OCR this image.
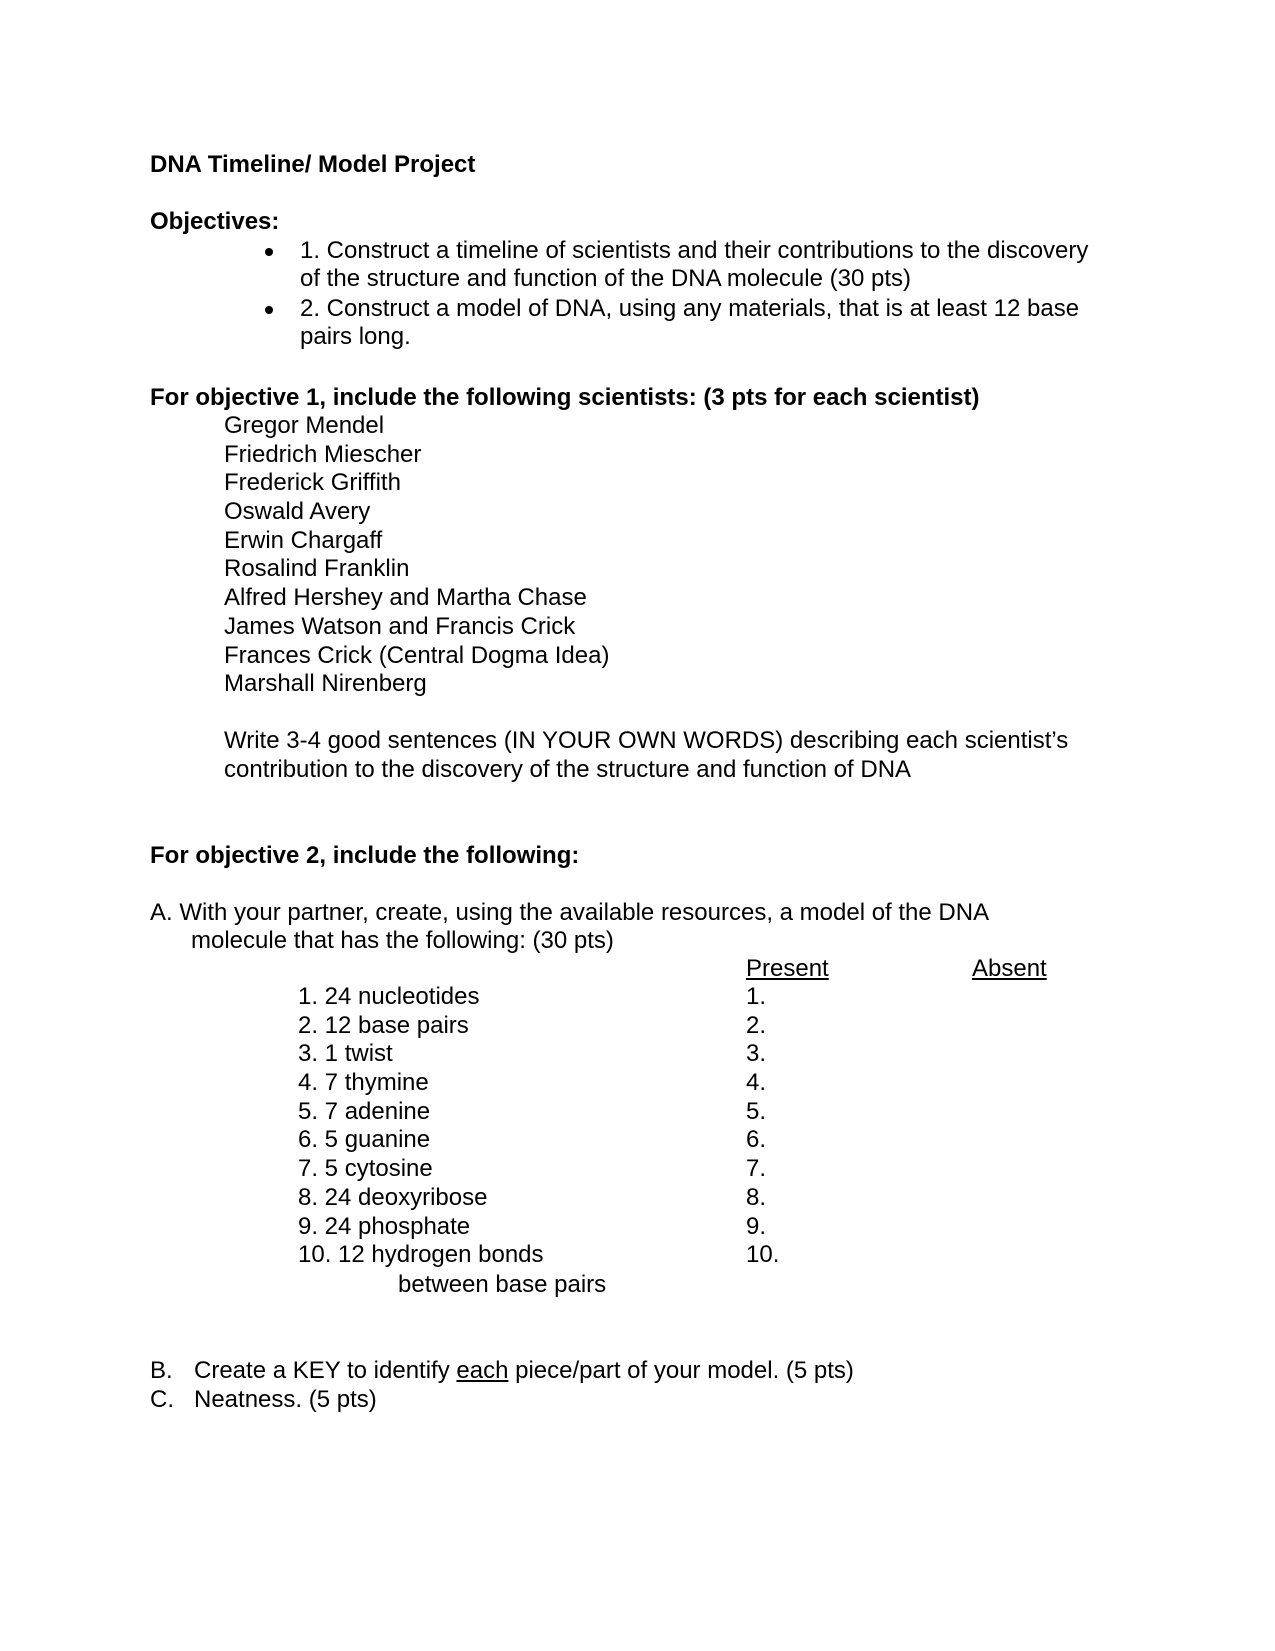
DNA Timeline/ Model Project
Objectives:
1. Construct a timeline of scientists and their contributions to the discovery
of the structure and function of the DNA molecule (30 pts)
2. Construct a model of DNA, using any materials, that is at least 12 base
pairs long.
For objective 1, include the following scientists: (3 pts for each scientist)
Gregor Mendel
Friedrich Miescher
Frederick Griffith
Oswald Avery
Erwin Chargaff
Rosalind Franklin
Alfred Hershey and Martha Chase
James Watson and Francis Crick
Frances Crick (Central Dogma Idea)
Marshall Nirenberg
Write 3-4 good sentences (IN YOUR OWN WORDS) describing each scientist’s
contribution to the discovery of the structure and function of DNA
For objective 2, include the following:
A. With your partner, create, using the available resources, a model of the DNA
molecule that has the following: (30 pts)
Present	Absent
1. 24 nucleotides
2. 12 base pairs
3. 1 twist
4. 7 thymine
5. 7 adenine
6. 5 guanine
7. 5 cytosine
8. 24 deoxyribose
9. 24 phosphate
10. 12 hydrogen bonds
between base pairs
1.
2.
3.
4.
5.
6.
7.
8.
9.
10.
B. Create a KEY to identify each piece/part of your model. (5 pts)
C. Neatness. (5 pts)
